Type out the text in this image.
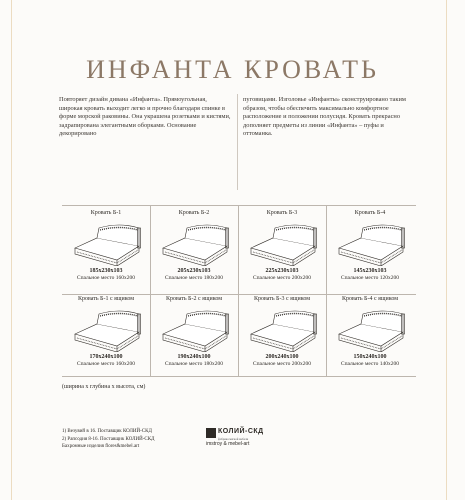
ИНФАНТА КРОВАТЬ
Повторяет дизайн дивана «Инфанта». Прямоугольная, широкая кровать выходит легко и прочно благодаря спинке в форме морской раковины. Она украшена розетками и кистями, задрапирована элегантными оборками. Основание декорировано
пуговицами. Изголовье «Инфанты» сконструировано таким образом, чтобы обеспечить максимально комфортное расположение и положении полусидя. Кровать прекрасно дополняет предметы из линии «Инфанта» – пуфы и оттоманка.
Кровать Б-1
185x230x103
Спальное место 160x200
Кровать Б-2
205x230x103
Спальное место 180x200
Кровать Б-3
225x230x103
Спальное место 200x200
Кровать Б-4
145x230x103
Спальное место 120x200
Кровать Б-1 с ящиком
170x240x100
Спальное место 160x200
Кровать Б-2 с ящиком
190x240x100
Спальное место 180x200
Кровать Б-3 с ящиком
200x240x100
Спальное место 200x200
Кровать Б-4 с ящиком
150x240x100
Спальное место 140x200
(ширина х глубина х высота, см)
1) Везувий в 16. Поставщик КОЛИЙ-СКД
2) Рапсодия 8-16. Поставщик КОЛИЙ-СКД
Бахромные изделия flores&mebel.art
КОЛИЙ-СКД
фабрика мягкой мебели
imstroy & mebel-art
